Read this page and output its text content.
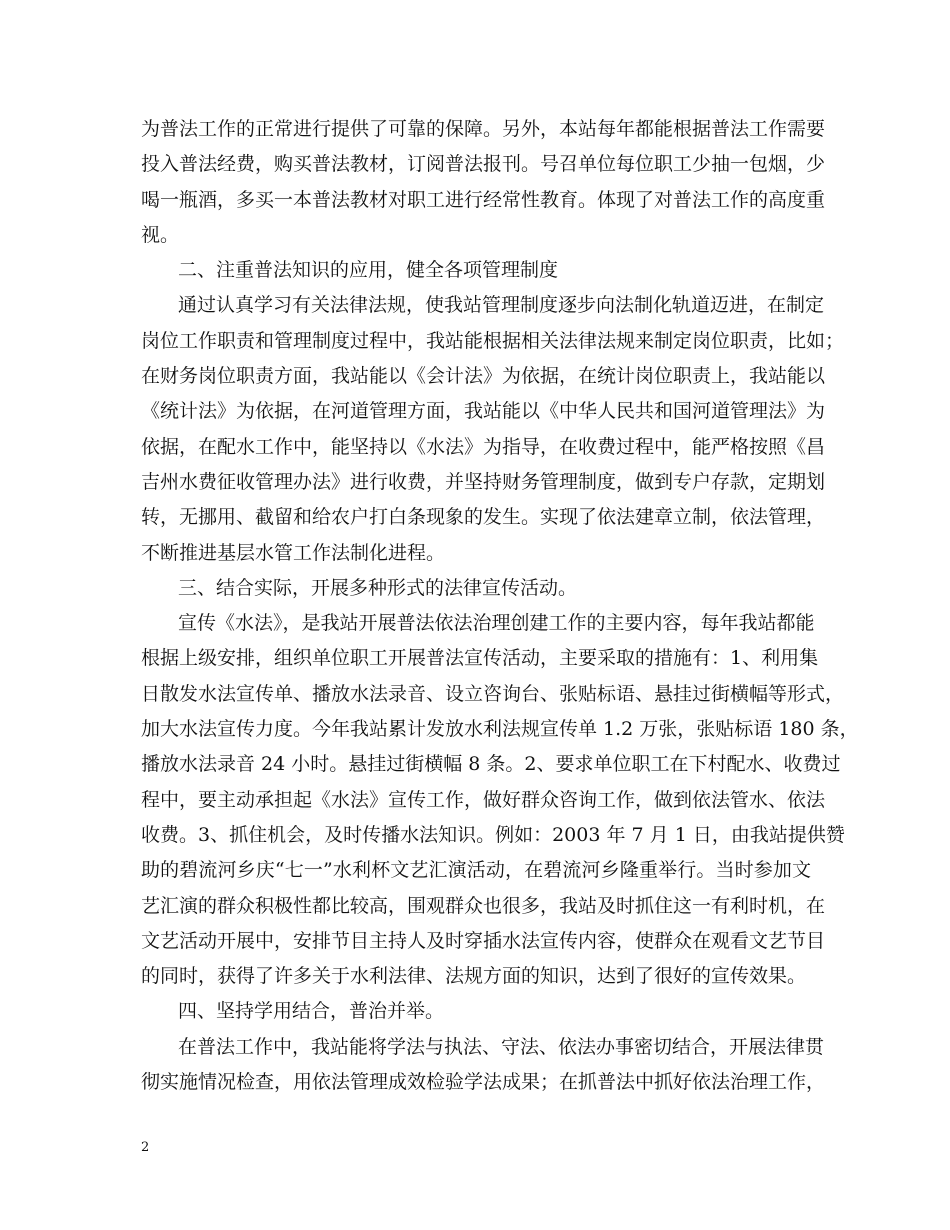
为普法工作的正常进行提供了可靠的保障。另外，本站每年都能根据普法工作需要
投入普法经费，购买普法教材，订阅普法报刊。号召单位每位职工少抽一包烟，少
喝一瓶酒，多买一本普法教材对职工进行经常性教育。体现了对普法工作的高度重
视。
二、注重普法知识的应用，健全各项管理制度
通过认真学习有关法律法规，使我站管理制度逐步向法制化轨道迈进，在制定
岗位工作职责和管理制度过程中，我站能根据相关法律法规来制定岗位职责，比如；
在财务岗位职责方面，我站能以《会计法》为依据，在统计岗位职责上，我站能以
《统计法》为依据，在河道管理方面，我站能以《中华人民共和国河道管理法》为
依据，在配水工作中，能坚持以《水法》为指导，在收费过程中，能严格按照《昌
吉州水费征收管理办法》进行收费，并坚持财务管理制度，做到专户存款，定期划
转，无挪用、截留和给农户打白条现象的发生。实现了依法建章立制，依法管理，
不断推进基层水管工作法制化进程。
三、结合实际，开展多种形式的法律宣传活动。
宣传《水法》，是我站开展普法依法治理创建工作的主要内容，每年我站都能
根据上级安排，组织单位职工开展普法宣传活动，主要采取的措施有：1、利用集
日散发水法宣传单、播放水法录音、设立咨询台、张贴标语、悬挂过街横幅等形式，
加大水法宣传力度。今年我站累计发放水利法规宣传单 1.2 万张，张贴标语 180 条，
播放水法录音 24 小时。悬挂过街横幅 8 条。2、要求单位职工在下村配水、收费过
程中，要主动承担起《水法》宣传工作，做好群众咨询工作，做到依法管水、依法
收费。3、抓住机会，及时传播水法知识。例如：2003 年 7 月 1 日，由我站提供赞
助的碧流河乡庆“七一”水利杯文艺汇演活动，在碧流河乡隆重举行。当时参加文
艺汇演的群众积极性都比较高，围观群众也很多，我站及时抓住这一有利时机，在
文艺活动开展中，安排节目主持人及时穿插水法宣传内容，使群众在观看文艺节目
的同时，获得了许多关于水利法律、法规方面的知识，达到了很好的宣传效果。
四、坚持学用结合，普治并举。
在普法工作中，我站能将学法与执法、守法、依法办事密切结合，开展法律贯
彻实施情况检查，用依法管理成效检验学法成果；在抓普法中抓好依法治理工作，
2
